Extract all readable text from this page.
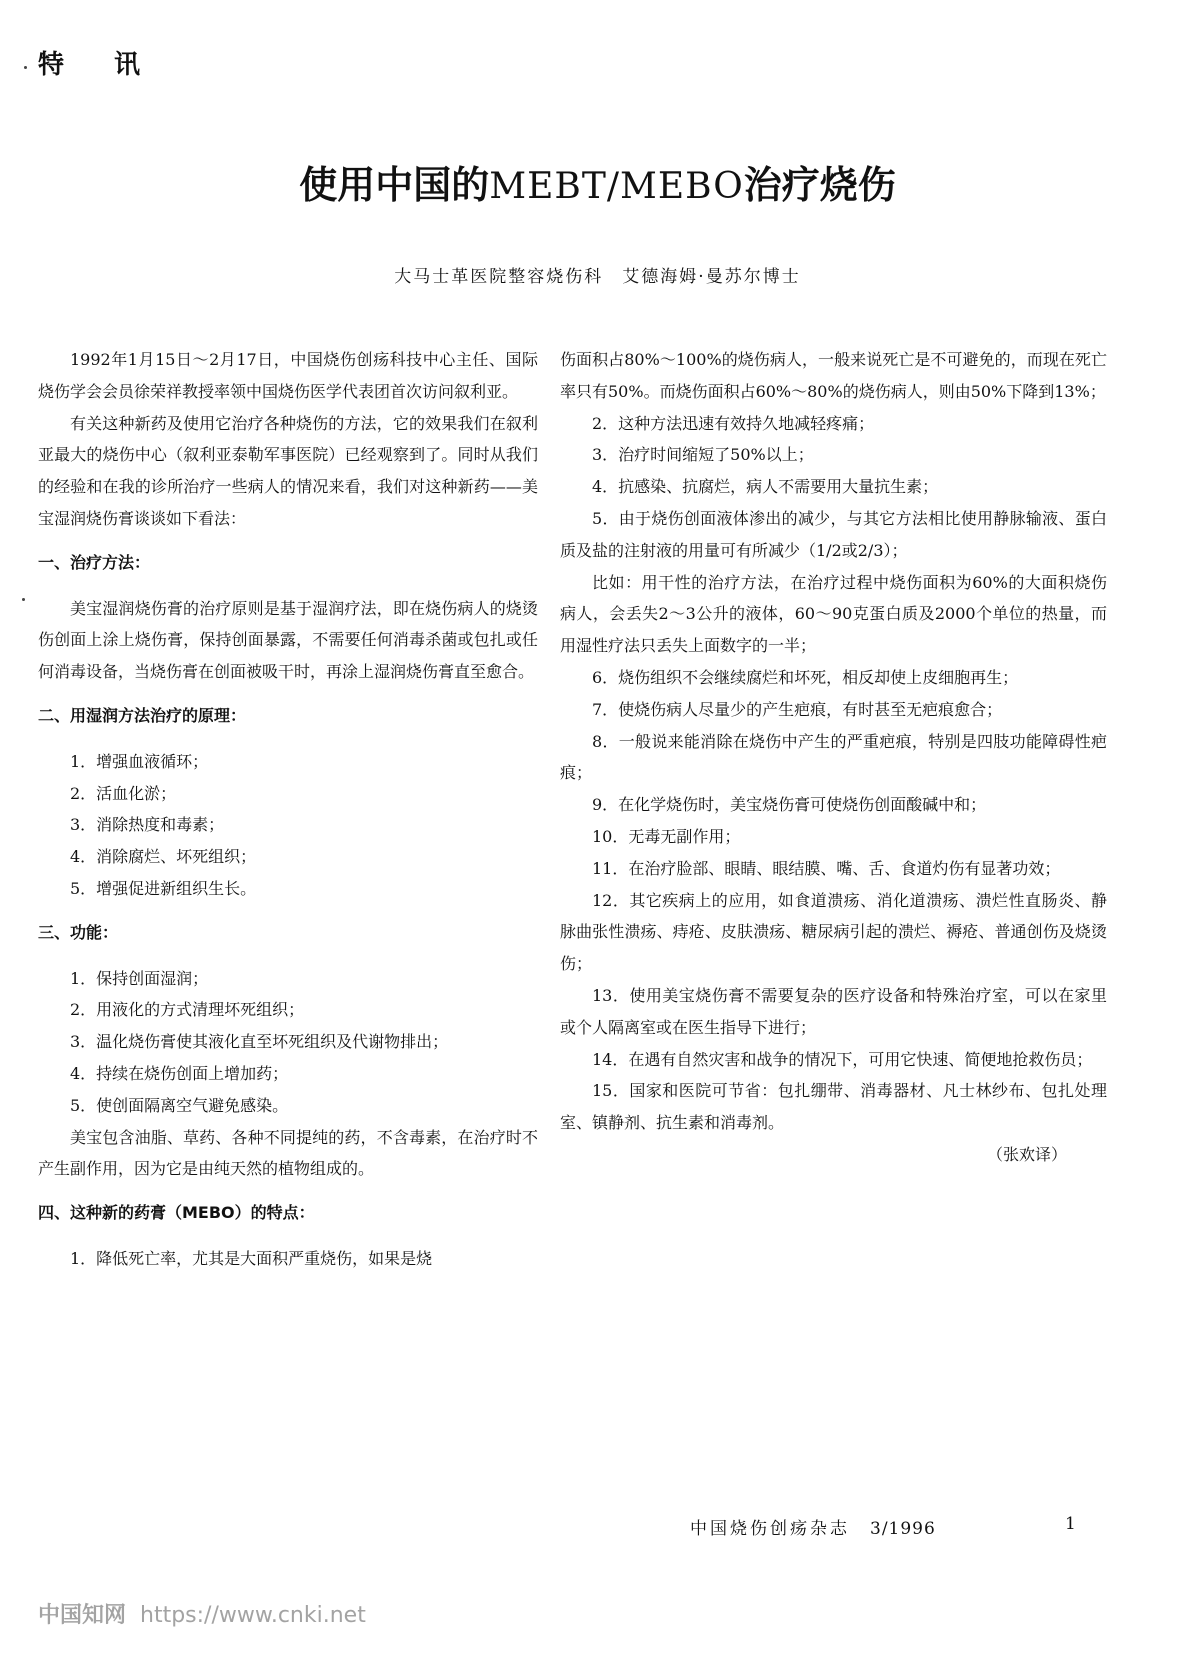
特讯
使用中国的MEBT/MEBO治疗烧伤
大马士革医院整容烧伤科　艾德海姆·曼苏尔博士

1992年1月15日～2月17日，中国烧伤创疡科技中心主任、国际烧伤学会会员徐荣祥教授率领中国烧伤医学代表团首次访问叙利亚。

有关这种新药及使用它治疗各种烧伤的方法，它的效果我们在叙利亚最大的烧伤中心（叙利亚泰勒军事医院）已经观察到了。同时从我们的经验和在我的诊所治疗一些病人的情况来看，我们对这种新药——美宝湿润烧伤膏谈谈如下看法：

一、治疗方法：

美宝湿润烧伤膏的治疗原则是基于湿润疗法，即在烧伤病人的烧烫伤创面上涂上烧伤膏，保持创面暴露，不需要任何消毒杀菌或包扎或任何消毒设备，当烧伤膏在创面被吸干时，再涂上湿润烧伤膏直至愈合。

二、用湿润方法治疗的原理：

1．增强血液循环；

2．活血化淤；

3．消除热度和毒素；

4．消除腐烂、坏死组织；

5．增强促进新组织生长。

三、功能：

1．保持创面湿润；

2．用液化的方式清理坏死组织；

3．温化烧伤膏使其液化直至坏死组织及代谢物排出；

4．持续在烧伤创面上增加药；

5．使创面隔离空气避免感染。

美宝包含油脂、草药、各种不同提纯的药，不含毒素，在治疗时不产生副作用，因为它是由纯天然的植物组成的。

四、这种新的药膏（MEBO）的特点：

1．降低死亡率，尤其是大面积严重烧伤，如果是烧

伤面积占80%～100%的烧伤病人，一般来说死亡是不可避免的，而现在死亡率只有50%。而烧伤面积占60%～80%的烧伤病人，则由50%下降到13%；

2．这种方法迅速有效持久地减轻疼痛；

3．治疗时间缩短了50%以上；

4．抗感染、抗腐烂，病人不需要用大量抗生素；

5．由于烧伤创面液体渗出的减少，与其它方法相比使用静脉输液、蛋白质及盐的注射液的用量可有所减少（1/2或2/3）；

比如：用干性的治疗方法，在治疗过程中烧伤面积为60%的大面积烧伤病人，会丢失2～3公升的液体，60～90克蛋白质及2000个单位的热量，而用湿性疗法只丢失上面数字的一半；

6．烧伤组织不会继续腐烂和坏死，相反却使上皮细胞再生；

7．使烧伤病人尽量少的产生疤痕，有时甚至无疤痕愈合；

8．一般说来能消除在烧伤中产生的严重疤痕，特别是四肢功能障碍性疤痕；

9．在化学烧伤时，美宝烧伤膏可使烧伤创面酸碱中和；

10．无毒无副作用；

11．在治疗脸部、眼睛、眼结膜、嘴、舌、食道灼伤有显著功效；

12．其它疾病上的应用，如食道溃疡、消化道溃疡、溃烂性直肠炎、静脉曲张性溃疡、痔疮、皮肤溃疡、糖尿病引起的溃烂、褥疮、普通创伤及烧烫伤；

13．使用美宝烧伤膏不需要复杂的医疗设备和特殊治疗室，可以在家里或个人隔离室或在医生指导下进行；

14．在遇有自然灾害和战争的情况下，可用它快速、简便地抢救伤员；

15．国家和医院可节省：包扎绷带、消毒器材、凡士林纱布、包扎处理室、镇静剂、抗生素和消毒剂。

（张欢译）

中国烧伤创疡杂志 3/1996	1
中国知网 https://www.cnki.net
